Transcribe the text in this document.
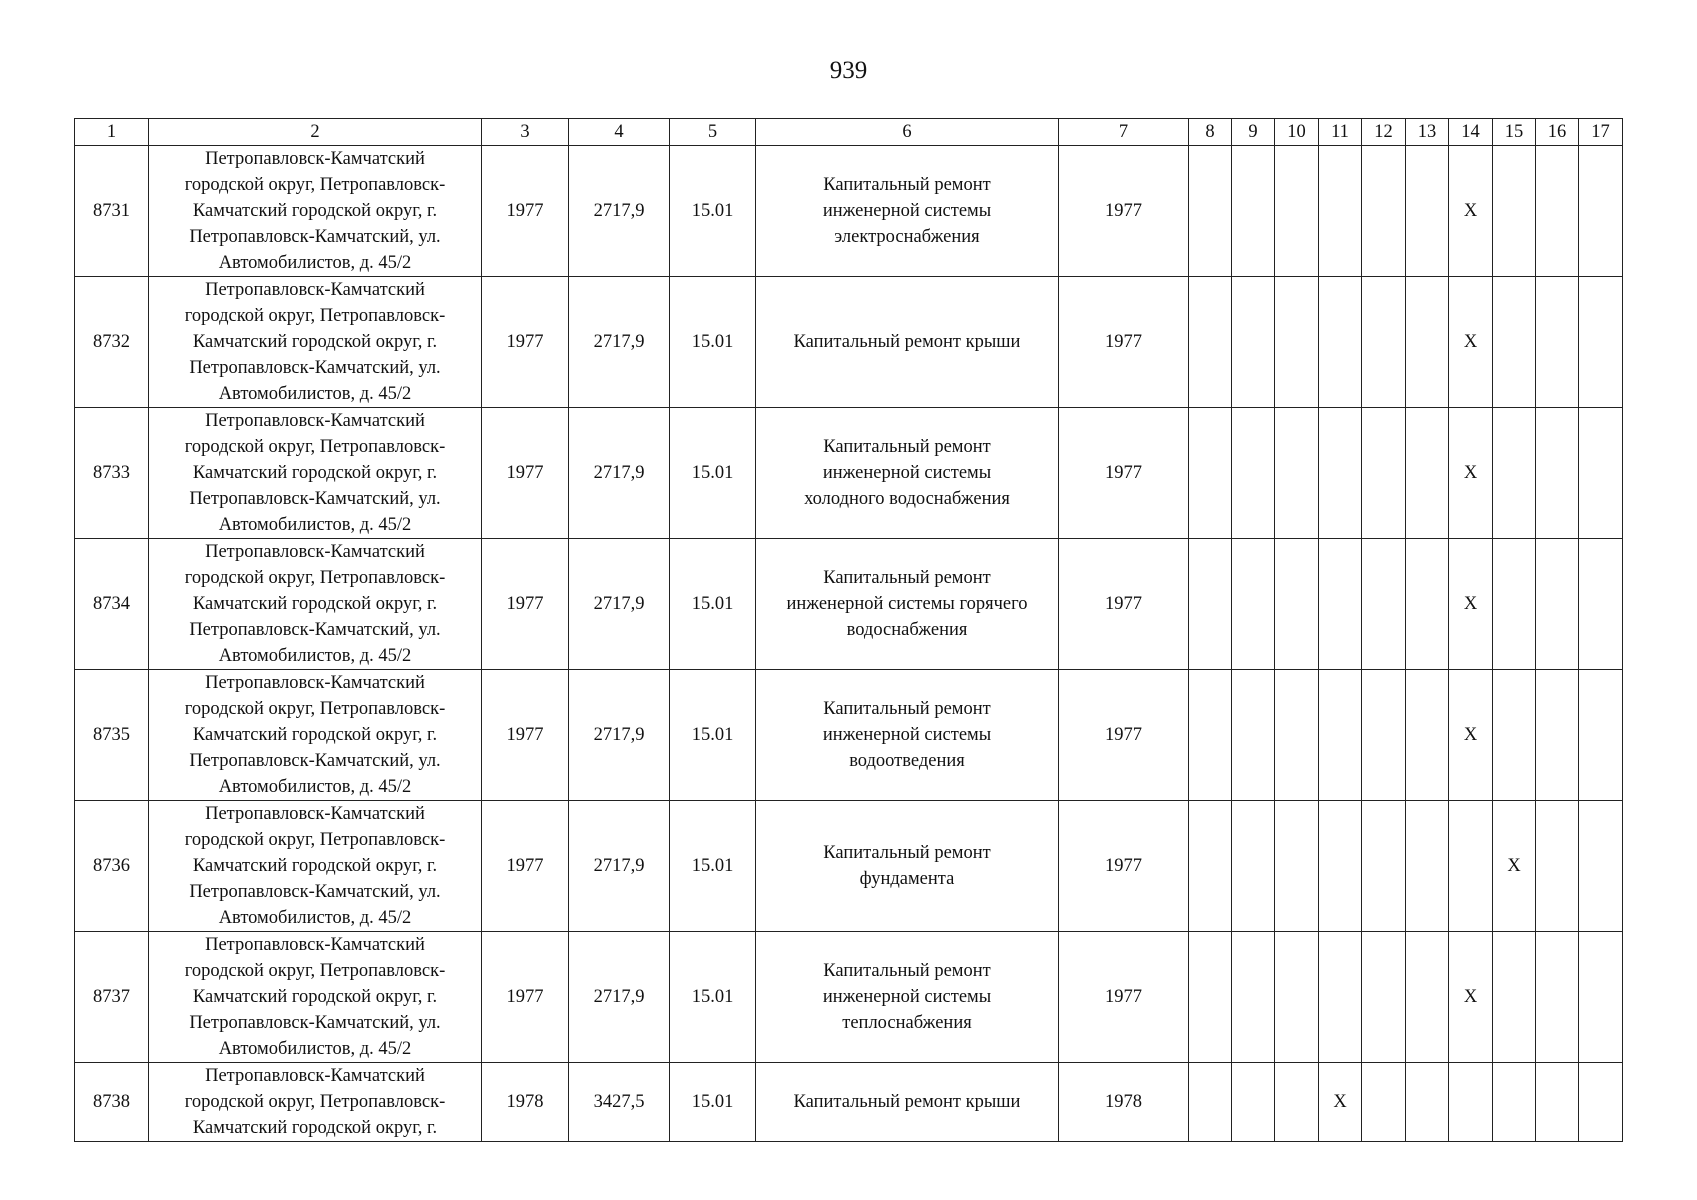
939
1	2	3	4	5	6	7	8	9	10	11	12	13	14	15	16	17
8731	Петропавловск-Камчатский
городской округ, Петропавловск-
Камчатский городской округ, г.
Петропавловск-Камчатский, ул.
Автомобилистов, д. 45/2	1977	2717,9	15.01	Капитальный ремонт
инженерной системы
электроснабжения	1977							X			
8732	Петропавловск-Камчатский
городской округ, Петропавловск-
Камчатский городской округ, г.
Петропавловск-Камчатский, ул.
Автомобилистов, д. 45/2	1977	2717,9	15.01	Капитальный ремонт крыши	1977							X			
8733	Петропавловск-Камчатский
городской округ, Петропавловск-
Камчатский городской округ, г.
Петропавловск-Камчатский, ул.
Автомобилистов, д. 45/2	1977	2717,9	15.01	Капитальный ремонт
инженерной системы
холодного водоснабжения	1977							X			
8734	Петропавловск-Камчатский
городской округ, Петропавловск-
Камчатский городской округ, г.
Петропавловск-Камчатский, ул.
Автомобилистов, д. 45/2	1977	2717,9	15.01	Капитальный ремонт
инженерной системы горячего
водоснабжения	1977							X			
8735	Петропавловск-Камчатский
городской округ, Петропавловск-
Камчатский городской округ, г.
Петропавловск-Камчатский, ул.
Автомобилистов, д. 45/2	1977	2717,9	15.01	Капитальный ремонт
инженерной системы
водоотведения	1977							X			
8736	Петропавловск-Камчатский
городской округ, Петропавловск-
Камчатский городской округ, г.
Петропавловск-Камчатский, ул.
Автомобилистов, д. 45/2	1977	2717,9	15.01	Капитальный ремонт
фундамента	1977								X		
8737	Петропавловск-Камчатский
городской округ, Петропавловск-
Камчатский городской округ, г.
Петропавловск-Камчатский, ул.
Автомобилистов, д. 45/2	1977	2717,9	15.01	Капитальный ремонт
инженерной системы
теплоснабжения	1977							X			
8738	Петропавловск-Камчатский
городской округ, Петропавловск-
Камчатский городской округ, г.	1978	3427,5	15.01	Капитальный ремонт крыши	1978				X						
